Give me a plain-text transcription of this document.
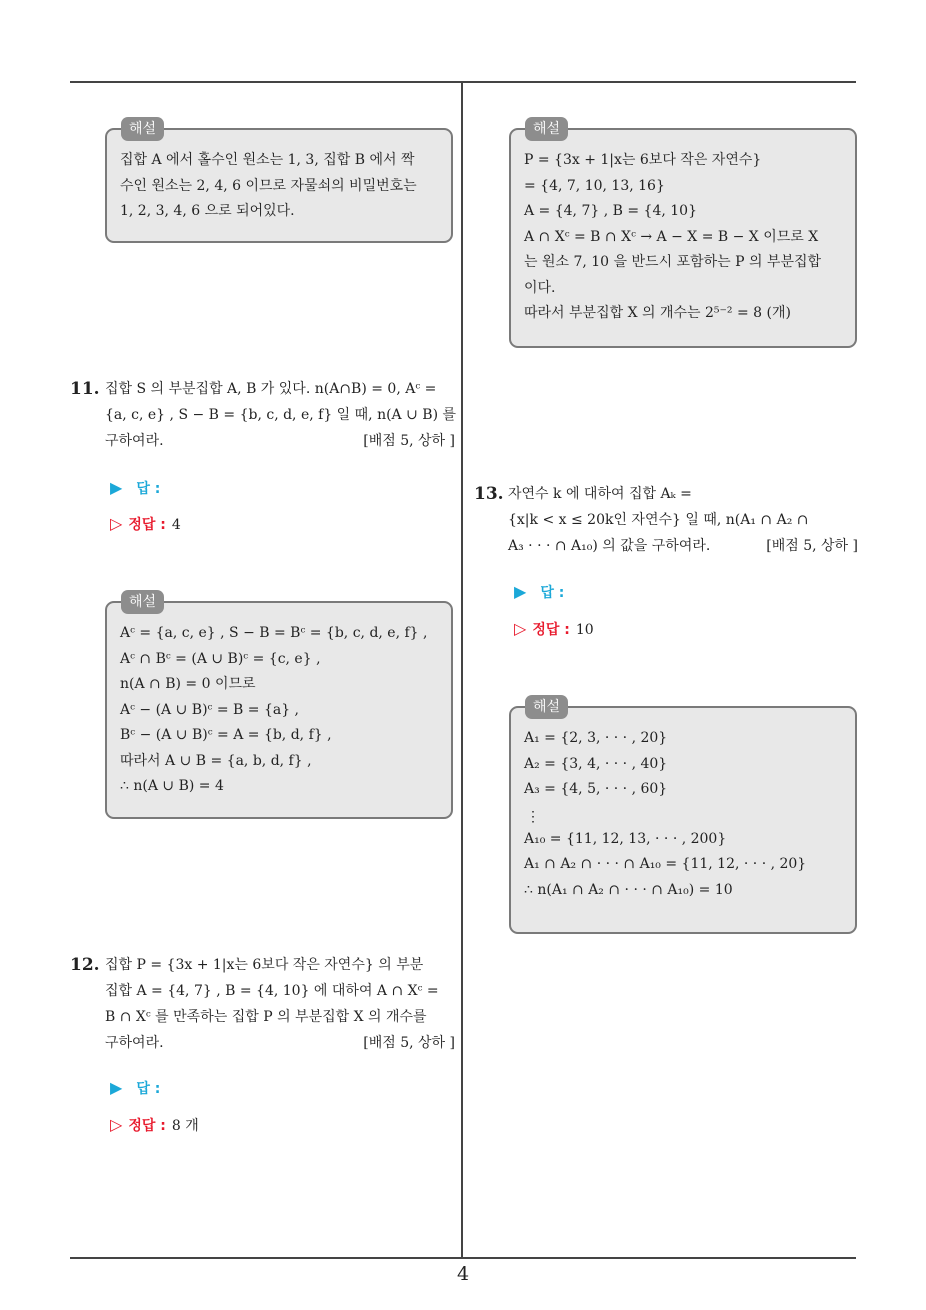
4
해설
집합 A 에서 홀수인 원소는 1, 3, 집합 B 에서 짝
수인 원소는 2, 4, 6 이므로 자물쇠의 비밀번호는
1, 2, 3, 4, 6 으로 되어있다.
11. 집합 S 의 부분집합 A, B 가 있다. n(A∩B) = 0, Aᶜ =
{a, c, e} , S − B = {b, c, d, e, f} 일 때, n(A ∪ B) 를
구하여라.	[배점 5, 상하 ]
▶ 답 :
▷ 정답 : 4
해설
Aᶜ = {a, c, e} , S − B = Bᶜ = {b, c, d, e, f} ,
Aᶜ ∩ Bᶜ = (A ∪ B)ᶜ = {c, e} ,
n(A ∩ B) = 0 이므로
Aᶜ − (A ∪ B)ᶜ = B = {a} ,
Bᶜ − (A ∪ B)ᶜ = A = {b, d, f} ,
따라서 A ∪ B = {a, b, d, f} ,
∴ n(A ∪ B) = 4
12. 집합 P = {3x + 1|x는 6보다 작은 자연수} 의 부분
집합 A = {4, 7} , B = {4, 10} 에 대하여 A ∩ Xᶜ =
B ∩ Xᶜ 를 만족하는 집합 P 의 부분집합 X 의 개수를
구하여라.	[배점 5, 상하 ]
▶ 답 :
▷ 정답 : 8 개
해설
P = {3x + 1|x는 6보다 작은 자연수}
= {4, 7, 10, 13, 16}
A = {4, 7} , B = {4, 10}
A ∩ Xᶜ = B ∩ Xᶜ → A − X = B − X 이므로 X
는 원소 7, 10 을 반드시 포함하는 P 의 부분집합
이다.
따라서 부분집합 X 의 개수는 2⁵⁻² = 8 (개)
13. 자연수 k 에 대하여 집합 Aₖ =
{x|k < x ≤ 20k인 자연수} 일 때, n(A₁ ∩ A₂ ∩
A₃ · · · ∩ A₁₀) 의 값을 구하여라.	[배점 5, 상하 ]
▶ 답 :
▷ 정답 : 10
해설
A₁ = {2, 3, · · · , 20}
A₂ = {3, 4, · · · , 40}
A₃ = {4, 5, · · · , 60}
⋮
A₁₀ = {11, 12, 13, · · · , 200}
A₁ ∩ A₂ ∩ · · · ∩ A₁₀ = {11, 12, · · · , 20}
∴ n(A₁ ∩ A₂ ∩ · · · ∩ A₁₀) = 10
